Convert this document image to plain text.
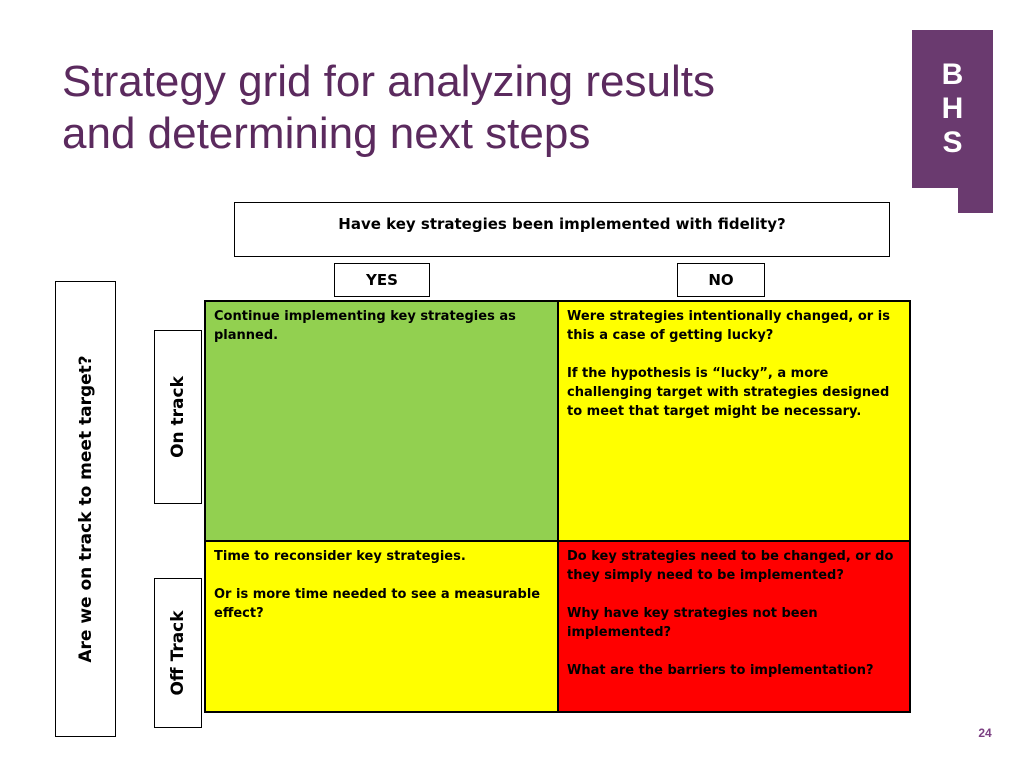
Strategy grid for analyzing results
and determining next steps
B
H
S
Have key strategies been implemented with fidelity?
YES	NO
Are we on track to meet target?	On track
Off Track

Continue implementing key strategies as planned.

Were strategies intentionally changed, or is this a case of getting lucky?

If the hypothesis is “lucky”, a more challenging target with strategies designed to meet that target might be necessary.

Time to reconsider key strategies.

Or is more time needed to see a measurable effect?

Do key strategies need to be changed, or do they simply need to be implemented?

Why have key strategies not been implemented?

What are the barriers to implementation?

24
